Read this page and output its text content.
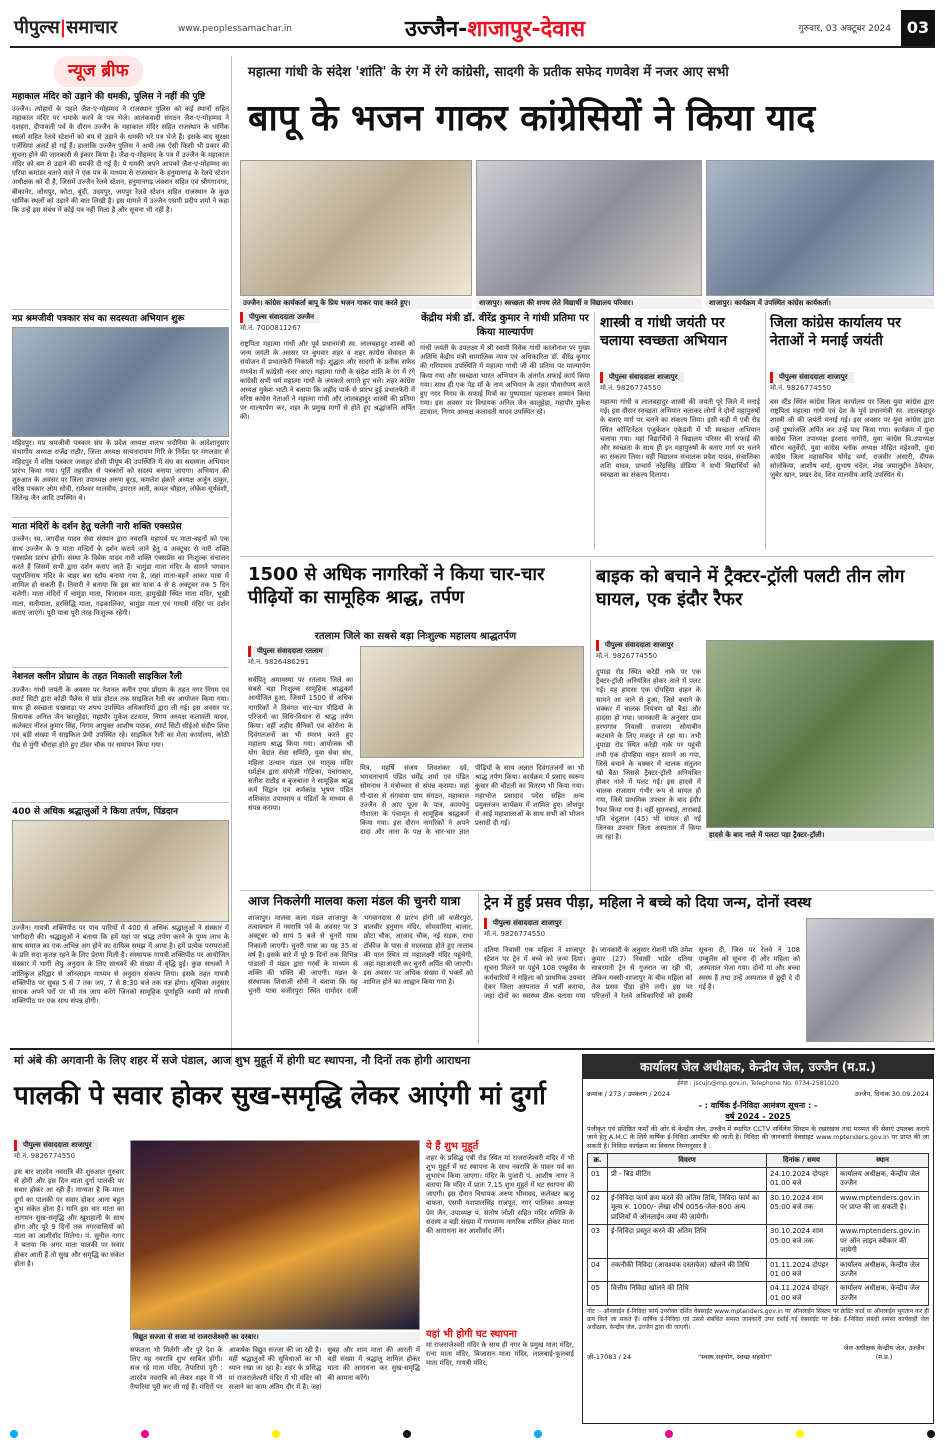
पीपुल्स|समाचार	www.peoplessamachar.in	उज्जैन-शाजापुर-देवास	गुरुवार, 03 अक्टूबर 2024 03
न्यूज ब्रीफ
महाकाल मंदिर को उड़ाने की धमकी, पुलिस ने नहीं की पुष्टि
उज्जैन। त्योहारों के पहले जैश-ए-मोहम्मद ने राजस्थान पुलिस को कई स्थानों सहित महाकाल मंदिर पर धमाके करने के पत्र भेजे। आतंकवादी संगठन जैश-ए-मोहम्मद ने दशहरा, दीपावली पर्व के दौरान उज्जैन के महाकाल मंदिर सहित राजस्थान के धार्मिक स्थलों सहित रेलवे स्टेशनों को बम से उड़ाने के धमकी भरे पत्र भेजे हैं। इसके बाद सुरक्षा एजेंसियां अलर्ट हो गई हैं। हालांकि उज्जैन पुलिस ने अभी तक ऐसी किसी भी प्रकार की सूचना होने की जानकारी से इंकार किया है। जैश-ए-मोहम्मद के पत्र में उज्जैन के महाकाल मंदिर को बम से उड़ाने की धमकी दी गई है। ये धमकी अपने आपको जैश-ए-मोहम्मद का एरिया कमांडर बताने वाले ने एक पत्र के माध्यम से राजस्थान के हनुमानगढ़ के रेलवे स्टेशन अधीक्षक को दी है, जिसमें उज्जैन रेलवे स्टेशन, हनुमानगढ़ जंक्शन सहित एवं श्रीगंगानगर, बीकानेर, जोधपुर, कोटा, बूंदी, उदयपुर, जयपुर रेलवे स्टेशन सहित राजस्थान के कुछ धार्मिक स्थलों को उड़ाने की बात लिखी है। इस मामले में उज्जैन एसपी प्रदीप शर्मा ने कहा कि उन्हें इस संबंध में कोई पत्र नहीं मिला है और सूचना भी नहीं है।
मप्र श्रमजीवी पत्रकार संघ का सदस्यता अभियान शुरू
महिदपुर। मप्र श्रमजीवी पत्रकार संघ के प्रदेश अध्यक्ष शलभ भदौरिया के आदेशानुसार संभागीय अध्यक्ष राजेंद्र राठौर, जिला अध्यक्ष सत्यनारायण गिरि के निर्देश पर मंगलवार से महिदपुर में वरिष्ठ पत्रकार जवाहर डोसी पीयूष की उपस्थिति में संघ का सदस्यता अभियान प्रारंभ किया गया। पूर्ति तहसील से पत्रकारों को सदस्य बनाया जाएगा। अभियान की शुरुआत के अवसर पर जिला उपाध्यक्ष अरुण बूरड़, कमलेश हंकारे अध्यक्ष अर्जुन ठाकुर, वरिष्ठ पत्रकार ओम सोनी, रामेश्वर मालवीय, इमरान अली, कमल चौहान, लोकेश सूर्यवंशी, जितेन्द्र जैन आदि उपस्थित थे।
माता मंदिरों के दर्शन हेतु चलेगी नारी शक्ति एक्सप्रेस
उज्जैन। स्व. जगदीश यादव सेवा संस्थान द्वारा नवरात्रि महापर्व पर माता-बहनों को एक साथ उज्जैन के 9 माता मन्दिरों के दर्शन कराये जाने हेतु 4 अक्टूबर से नारी शक्ति एक्सप्रेस प्रारंभ होगी। संस्था के विवेक यादव नारी शक्ति एक्सप्रेस का निःशुल्क संचालन करते हैं जिसमें सभी द्वारा दर्शन कराए जाते हैं। चामुंडा माता मंदिर के सामने भगवान पशुपतिनाथ मंदिर के बाहर बस स्टॉप बनाया गया है, जहां माता-बहनें आकर यात्रा में शामिल हो सकती हैं। तिवारी ने बताया कि इस बार यात्रा 4 से 8 अक्टूबर तक 5 दिन चलेगी। माता मंदिरों में चामुंडा माता, बिजासन माता, हामुखेड़ी स्थित माता मंदिर, भूखी माता, सतीमाता, हरसिद्धि माता, गढ़कालिका, चामुंडा माता एवं गायत्री मंदिर पर दर्शन कराए जाएंगे। पूरी यात्रा पूरी तरह निःशुल्क रहेगी।
नेशनल क्लीन प्रोग्राम के तहत निकाली साइकिल रैली
उज्जैन। गांधी जयंती के अवसर पर नेशनल क्लीन एयर प्रोग्राम के तहत नगर निगम एवं स्मार्ट सिटी द्वारा कोठी पैलेस से ग्रांड होटल तक साइकिल रैली का आयोजन किया गया। साथ ही स्वच्छता पखवाड़ा पर शपथ उपस्थित अधिकारियों द्वारा ली गई। इस अवसर पर विधायक अनिल जैन कालूहेड़ा, महापौर मुकेश टटवाल, निगम अध्यक्ष कलावती यादव, कलेक्टर नीरज कुमार सिंह, निगम आयुक्त आशीष पाठक, स्मार्ट सिटी सीईओ संदीप शिवा एवं बड़ी संख्या में साइकिल प्रेमी उपस्थित रहे। साइकिल रैली का मेला कार्यालय, कोठी रोड से मुंगी चौराहा होते हुए टॉवर चौक पर समापन किया गया।
400 से अधिक श्रद्धालुओं ने किया तर्पण, पिंडदान
उज्जैन। गायत्री शक्तिपीठ पर पांच पारियों में 400 से अधिक श्रद्धालुओं ने संस्कार में भागीदारी की। श्रद्धालुओं ने बताया कि हमें यहां पर श्राद्ध तर्पण करने के पुण्य लाभ के साथ समाज का एक अभिन्न अंग होने का दायित्व समझ में आया है। हमें प्रत्येक परम्पराओं के प्रति सदा कृतज्ञ रहने के लिए प्रेरणा मिली है। संस्थापक गायत्री शक्तिपीठ पर आयोजित संस्कार में भागी लेघु अनुदान के लिए साधकों की संख्या में वृद्धि हुई। कुछ साधकों ने शांतिकुंज हरिद्वार से ऑनलाइन माध्यम से अनुदान संकल्प लिया। इसके तहत गायत्री शक्तिपीठ पर सुबह 5 से 7 तक जप, 7 से 8:30 बजे तक यज्ञ होगा। सूचिका अनुसार साधक अपने घरों पर भी मंत्र जाप करेंगे जिनको सामूहिक पूर्णाहुति नवमी को गायत्री शक्तिपीठ पर एक साथ संपन्न होगी।
महात्मा गांधी के संदेश 'शांति' के रंग में रंगे कांग्रेसी, सादगी के प्रतीक सफेद गणवेश में नजर आए सभी
बापू के भजन गाकर कांग्रेसियों ने किया याद
उज्जैन। कांग्रेस कार्यकर्ता बापू के प्रिय भजन गाकर याद करते हुए।	शाजापुर। स्वच्छता की शपथ लेते विद्यार्थी व विद्यालय परिवार।	शाजापुर। कार्यक्रम में उपस्थित कांग्रेस कार्यकर्ता।
पीपुल्स संवाददाता उज्जैन
मो.नं. 7000811267
राष्ट्रपिता महात्मा गांधी और पूर्व प्रधानमंत्री स्व. लालबहादुर शास्त्री को जन्म जयंती के अवसर पर बुधवार शहर व शहर कांग्रेस सेवादल के संयोजन में प्रभातफेरी निकाली गई। शुद्धता और सादगी के प्रतीक सफेद गणवेश में कांग्रेसी नजर आए। महात्मा गांधी के संदेश शांति के रंग में रंगे कांग्रेसी सभी धर्म महात्मा गांधी के जयकारे लगाते हुए चले। शहर कांग्रेस अध्यक्ष मुकेश भाटी ने बताया कि शहीद पार्क से प्रारंभ हुई प्रभातफेरी में वरिष्ठ कांग्रेस नेताओं ने महात्मा गांधी और लालबहादुर शास्त्री की प्रतिमा पर माल्यार्पण कर, शहर के प्रमुख मार्गों से होते हुए श्रद्धांजलि अर्पित की।
केंद्रीय मंत्री डॉ. वीरेंद्र कुमार ने गांधी प्रतिमा पर किया माल्यार्पण
गांधी जयंती के उपलक्ष्य में श्री स्वामी विवेक गांधी कालोनाश पर मुख्य अतिथि केंद्रीय मंत्री सामाजिक न्याय एवं अधिकारिता डॉ. वीरेंद्र कुमार की गरिमामय उपस्थिति में महात्मा गांधी जी की प्रतिमा पर माल्यार्पण किया गया और स्वच्छता भारत अभियान के अंतर्गत सफाई कार्य किया गया। साथ ही एक पेड़ माँ के नाम अभियान के तहत पौधारोपण करते हुए नगर निगम के सफाई मित्रों का पुष्पमाला पहनाकर सम्मान किया गया। इस अवसर पर विधायक अनिल जैन कालूहेड़ा, महापौर मुकेश टटवाल, निगम अध्यक्ष कलावती यादव उपस्थित रहे।
शास्त्री व गांधी जयंती पर चलाया स्वच्छता अभियान
पीपुल्स संवाददाता शाजापुर
मो.नं. 9826774550
महात्मा गांधी व लालबहादुर शास्त्री की जयंती पूरे जिले में मनाई गई। इस दौरान स्वच्छता अभियान चलाकर लोगों ने दोनों महापुरुषों के बताए मार्ग पर चलने का संकल्प लिया। इसी कड़ी में एबी रोड स्थित कॉन्टिनेंटल एजुकेशन एकेडमी में भी स्वच्छता अभियान चलाया गया। यहां विद्यार्थियों ने विद्यालय परिसर की सफाई की और स्वच्छता के साथ ही इन महापुरुषों के बताए मार्ग पर चलने का संकल्प लिया। वहीं विद्यालय संचालक प्रवेश यादव, संचालिका शशि यादव, प्राचार्य नरेंद्रसिंह डोडिया ने सभी विद्यार्थियों को स्वच्छता का संकल्प दिलाया।
जिला कांग्रेस कार्यालय पर नेताओं ने मनाई जयंती
पीपुल्स संवाददाता शाजापुर
मो.नं. 9826774550
बस स्टैंड स्थित कांग्रेस जिला कार्यालय पर जिला युवा कांग्रेस द्वारा राष्ट्रपिता महात्मा गांधी एवं देश के पूर्व प्रधानमंत्री स्व. लालबहादुर शास्त्री जी की जयंती मनाई गई। इस अवसर पर युवा कांग्रेस द्वारा उन्हें पुष्पांजलि अर्पित कर उन्हें याद किया गया। कार्यक्रम में युवा कांग्रेस जिला उपाध्यक्ष इरशाद नागोरी, युवा कांग्रेस वि.उपाध्यक्ष सौरभ चतुर्वेदी, युवा कांग्रेस ब्लॉक अध्यक्ष मोहित महेश्वरी, युवा कांग्रेस जिला महासचिव योगेंद्र वर्मा, राजवीर अंसारी, दीपक सोलंकिया, आशीष वर्मा, सुभाष चंदेल, शेख जमालुद्दीन ठेकेदार, जुबेर खान, प्रखर देव, शिव मालवीय आदि उपस्थित थे।
1500 से अधिक नागरिकों ने किया चार-चार पीढ़ियों का सामूहिक श्राद्ध, तर्पण
रतलाम जिले का सबसे बड़ा निःशुल्क महालय श्राद्धतर्पण
पीपुल्स संवाददाता रतलाम
मो.नं. 9826486291
सर्वपितृ अमावस्या पर रतलाम जिले का सबसे बड़ा निःशुल्क सामूहिक श्राद्धकर्म आयोजित हुआ, जिसमें 1500 से अधिक नागरिकों ने दिवंगत चार-चार पीढ़ियों के परिजनों का विधि-विधान से श्राद्ध तर्पण किया। वहीं शहीद सैनिकों एवं कोरोना के दिवंगतजनों का भी स्मरण करते हुए महालय श्राद्ध किया गया। आयोजक श्री योग वेदांत सेवा समिति, युवा सेवा संघ, महिला उत्थान मंडल एवं मातृत्व मंदिर धर्मक्षेत्र द्वारा संयोजी गोटिका, पंचांगकार, सतीश राठौड़ व बृजबाला ने सामूहिक श्राद्ध कर्म विद्वान एवं कर्मकांड भूषण पंडित शशिकांत उपाध्याय व पंडितों के माध्यम से संपन्न कराया।
मित्र, महर्षि संजय शिवशंकर दवे, भगवताचार्य पंडित धर्मेंद्र शर्मा एवं पंडित सोमनाथ ने मंत्रोच्चार से संपन्न कराया। यहां गौ-ग्रास से संगवाया ग्राम संगठन, महाकाल उज्जैन से आए पूजा के पात्र, कामधेनु गौशाला के पंचामृत से सामूहिक श्राद्धकर्म किया गया। इस दौरान नागरिकों ने अपने दादा और नाना के पक्ष के चार-चार ज्ञात पीढ़ियों के साथ अज्ञात दिवंगतजनों का भी श्राद्ध तर्पण किया। कार्यक्रम में प्रसाद स्वरूप कुंवार की चौटली का वितरण भी किया गया। महाभोज प्रसादाद पदेस सहित अन्य प्रयुक्तजन कार्यक्रम में शामिल हुए। जोशपुर से आई महाशालाओं के साथ सभी को भोजन प्रसादी दी गई।
बाइक को बचाने में ट्रैक्टर-ट्रॉली पलटी तीन लोग घायल, एक इंदौर रैफर
पीपुल्स संवाददाता शाजापुर
मो.नं. 9826774550
हादसे के बाद नाले में पलटा पड़ा ट्रैक्टर-ट्रॉली।
दुपाड़ा रोड स्थित करेड़ी नाके पर एक ट्रैक्टर-ट्रॉली अनियंत्रित होकर नाले में पलट गई। यह हादसा एक दोपहिया वाहन के सामने आ जाने से हुआ, जिसे बचाने के चक्कर में चालक नियंत्रण खो बैठा और हादसा हो गया। जानकारी के अनुसार ग्राम हरणगांव निवासी राजाराम सोयाबीन कटवाने के लिए मजदूर ले रहा था। तभी दुपाड़ा रोड स्थित करेड़ी नाके पर पहुंची तभी एक दोपहिया वाहन सामने आ गया, जिसे बचाने के चक्कर में चालक संतुलन खो बैठा जिससे ट्रैक्टर-ट्रॉली अनियंत्रित होकर नाले में पलट गई। इस हादसे में चालक राजाराम गंभीर रूप से घायल हो गया, जिसे प्राथमिक उपचार के बाद इंदौर रैफर किया गया है। वहीं सुमनबाई, ताराबाई पति चंदूलाल (45) भी घायल हो गई जिनका उपचार जिला अस्पताल में किया जा रहा है।
आज निकलेगी मालवा कला मंडल की चुनरी यात्रा
शाजापुर। मालवा कला मंडल शाजापुर के तत्वावधान में नवरात्रि पर्व के अवसर पर 3 अक्टूबर को सायं 5 बजे से चुनरी यात्रा निकाली जाएगी। चुनरी यात्रा का यह 35 वां वर्ष है। इसके बारे में पूरे 9 दिनों तक विभिन्न पांडालों में मंडल द्वारा गरबों के माध्यम से शक्ति की भक्ति की जाएगी। मंडल के संस्थापक शिवाजी सोनी ने बताया कि यह चुनरी यात्रा बजीरपुरा स्थित दामोदर दर्जी भगवानदास से प्रारंभ होगी जो बजीरपुरा, बालवीर हनुमान मंदिर, सोमवारिया बाजार, छोटा चौक, आजाद चौक, नई सड़क, राधा टॉकीज के पास से मालवाड़ा होते हुए तालाब की पाल स्थित मां महालक्ष्मी मंदिर पहुंचेगी, जहां महाआरती कर चुनरी अर्पित की जाएगी। इस अवसर पर अधिक संख्या में भक्तों को शामिल होने का आह्वान किया गया है।
ट्रेन में हुई प्रसव पीड़ा, महिला ने बच्चे को दिया जन्म, दोनों स्वस्थ
पीपुल्स संवाददाता शाजापुर
मो.नं. 9826774550
दतिया निवासी एक महिला ने शाजापुर स्टेशन पर ट्रेन में बच्चे को जन्म दिया। सूचना मिलने पर पहुंचे 108 एम्बुलेंस के कर्मचारियों ने महिला को प्राथमिक उपचार देकर जिला अस्पताल में भर्ती कराया, जहां दोनों का स्वास्थ्य ठीक बताया गया है। जानकारी के अनुसार रोशनी पति उमेश कुमार (27) निवासी भांडेर दतिया साबरमती ट्रेन से गुजरात जा रही थी, लेकिन मक्सी-शाजापुर के बीच महिला को तेज प्रसव पीड़ा होने लगी। इस पर परिजनों ने रेलवे अधिकारियों को इसकी सूचना दी, जिस पर रेलवे ने 108 एम्बुलेंस को सूचना दी और महिला को अस्पताल भेजा गया। दोनों मां और बच्चा स्वस्थ हैं तथा उन्हें अस्पताल से छुट्टी दे दी गई है।
मां अंबे की अगवानी के लिए शहर में सजे पंडाल, आज शुभ मुहूर्त में होगी घट स्थापना, नौ दिनों तक होगी आराधना
पालकी पे सवार होकर सुख-समृद्धि लेकर आएंगी मां दुर्गा
पीपुल्स संवाददाता शाजापुर
मो.नं. 9826774550
इस बार शारदेय नवरात्रि की शुरुआत गुरुवार से होगी और इस दिन माता दुर्गा पालकी पर सवार होकर आ रही हैं। मान्यता है कि माता दुर्गा का पालकी पर सवार होकर आना बहुत शुभ संकेत होता है। यानि इस बार माता का आगमन सुख-समृद्धि और खुशहाली के साथ होगा और पूरे 9 दिनों तक नगरवासियों को माता का आशीर्वाद मिलेगा। पं. सुनील नागर ने बताया कि अगर माता पालकी पर सवार होकर आती हैं तो सुख और समृद्धि का संकेत होता है।
विद्युत सज्जा से सजा मां राजराजेश्वरी का दरबार।
सफलता भी मिलेगी और पूरे देश के लिए यह नवरात्रि शुभ साबित होगी। सज रहे माता मंदिर, तैयारियां पूरी : शारदेय नवरात्रि को लेकर शहर में भी तैयारियां पूरी कर ली गई हैं। मंदिरों पर आकर्षक विद्युत सज्जा की जा रही है। वहीं श्रद्धालुओं की सुविधाओं का भी ध्यान रखा जा रहा है। शहर के प्रसिद्ध मां राजराजेश्वरी मंदिर में भी मंदिर को सजाने का काम अंतिम दौर में है। जहां सुबह और शाम माता की आरती में बड़ी संख्या में श्रद्धालु शामिल होकर माता की आराधना कर सुख-समृद्धि की कामना करेंगे।
ये हैं शुभ मुहूर्त
शहर के प्रसिद्ध एबी रोड स्थित मां राजराजेश्वरी मंदिर में भी शुभ मुहूर्त में घट स्थापना के साथ नवरात्रि के पावन पर्व का शुभारंभ किया जाएगा। मंदिर के पुजारी पं. आशीष नागर ने बताया कि मंदिर में प्रातः 7.15 शुभ मुहूर्त में घट स्थापना की जाएगी। इस दौरान विधायक अरुण भीमावद, कलेक्टर ऋजु बाफना, एसपी यशपालसिंह राजपूत, नगर पालिका अध्यक्ष प्रेम जैन, उपाध्यक्ष पं. संतोष जोशी सहित मंदिर समिति के सदस्य व बड़ी संख्या में गणमान्य नागरिक शामिल होकर माता की आराधना कर आशीर्वाद लेंगे।
यहां भी होगी घट स्थापना
मां राजराजेश्वरी मंदिर के साथ ही नगर के प्रमुख माता मंदिर, रत्ना माता मंदिर, बिजासन माता मंदिर, लालबाई-फूलबाई माता मंदिर, गायत्री मंदिर,
कार्यालय जेल अधीक्षक, केन्द्रीय जेल, उज्जैन (म.प्र.)
ईमेल : jscujn@mp.gov.in, Telephone No. 0734-2581020
क्रमांक / 273 / उपकरण / 2024	उज्जैन, दिनांक 30.09.2024
- : वार्षिक ई-निविदा आमंत्रण सूचना : -
वर्ष 2024 - 2025
पंजीकृत एवं प्रतिष्ठित फर्मों की ओर से केन्द्रीय जेल, उज्जैन में स्थापित CCTV सर्विलेंस सिस्टम के रखरखाव तथा मरम्मत की सेवाएं उपलब्ध कराये जाने हेतु A.M.C के लिये वार्षिक ई-निविदा आमंत्रित की जाती है। निविदा की जानकारी वेबसाइट www.mptenders.gov.in पर प्राप्त की जा सकती है। निविदा कार्यक्रम का विवरण निम्नानुसार है :
क्र.	विवरण	दिनांक / समय	स्थान
01	प्री - बिड मीटिंग	24.10.2024 दोपहर 01.00 बजे	कार्यालय अधीक्षक, केन्द्रीय जेल उज्जैन
02	ई-निविदा फार्म क्रय करने की अंतिम तिथि, निविदा फार्म का मूल्य रु. 1000/- लेखा शीर्ष 0056-जेल-800 अन्य प्राप्तियों में ऑनलाईन जमा की जायेगी।	30.10.2024 शाम 05:00 बजे तक	www.mptenders.gov.in पर प्राप्त की जा सकती है।
03	ई-निविदा प्रस्तुत करने की अंतिम तिथि	30.10.2024 शाम 05:00 बजे तक	www.mptenders.gov.in पर ऑन लाइन स्वीकार की जायेगी
04	तकनीकी निविदा (आवश्यक दस्तावेज) खोलने की तिथि	01.11.2024 दोपहर 01.00 बजे	कार्यालय अधीक्षक, केन्द्रीय जेल उज्जैन
05	वित्तीय निविदा खोलने की तिथि	04.11.2024 दोपहर 01.00 बजे	कार्यालय अधीक्षक, केन्द्रीय जेल उज्जैन
नोट :- ऑनलाईन ई-निविदा फार्म उपरोक्त दर्शित वेबसाईट www.mptenders.gov.in पर ऑनलाईन सिस्टम पर क्रेडिट कार्ड या ऑनलाईन भुगतान कर ही क्रय किये जा सकते हैं। वार्षिक ई-निविदा एवं उससे संबंधित समस्त जानकारी उपर दर्शाई गई वेबसाईट पर देखे। ई-निविदा संबंधी समस्त कार्यवाही जेल अधीक्षक, केन्द्रीय जेल, उज्जैन द्वारा की जाएगी।
जी-17083 / 24	"स्वस्थ सहयोग, स्वच्छ सहयोग"
जेल अधीक्षक केन्द्रीय जेल, उज्जैन (म.प्र.)
